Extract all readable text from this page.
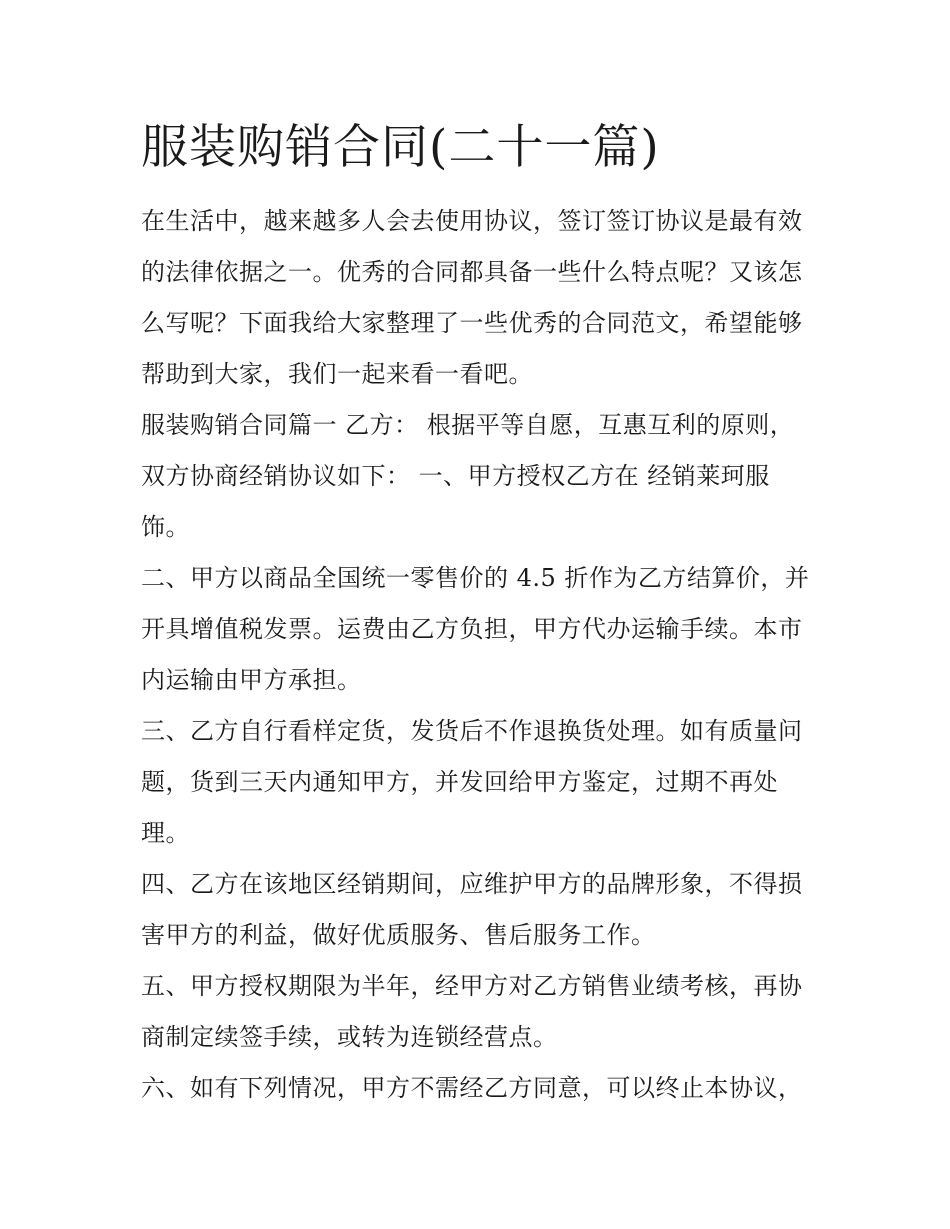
服装购销合同(二十一篇)

在生活中，越来越多人会去使用协议，签订签订协议是最有效

的法律依据之一。优秀的合同都具备一些什么特点呢？又该怎

么写呢？下面我给大家整理了一些优秀的合同范文，希望能够

帮助到大家，我们一起来看一看吧。

服装购销合同篇一 乙方： 根据平等自愿，互惠互利的原则，

双方协商经销协议如下： 一、甲方授权乙方在 经销莱珂服

饰。

二、甲方以商品全国统一零售价的 4.5 折作为乙方结算价，并

开具增值税发票。运费由乙方负担，甲方代办运输手续。本市

内运输由甲方承担。

三、乙方自行看样定货，发货后不作退换货处理。如有质量问

题，货到三天内通知甲方，并发回给甲方鉴定，过期不再处

理。

四、乙方在该地区经销期间，应维护甲方的品牌形象，不得损

害甲方的利益，做好优质服务、售后服务工作。

五、甲方授权期限为半年，经甲方对乙方销售业绩考核，再协

商制定续签手续，或转为连锁经营点。

六、如有下列情况，甲方不需经乙方同意，可以终止本协议，
